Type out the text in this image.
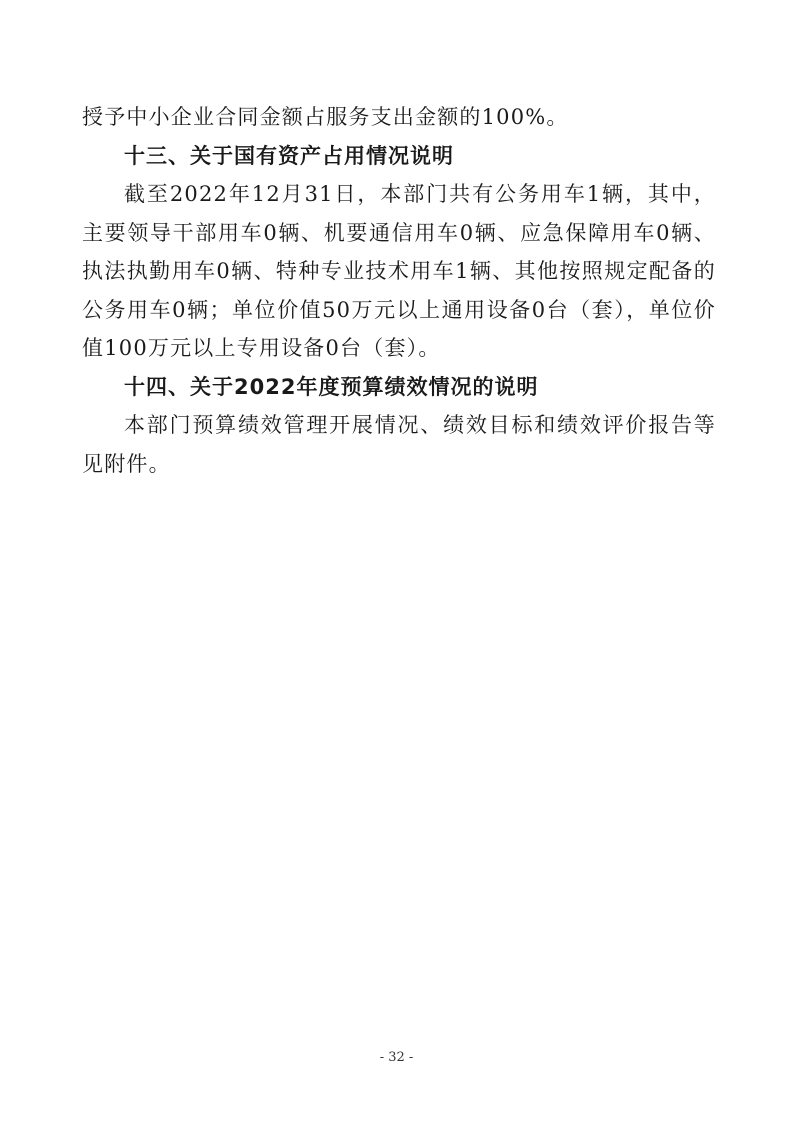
授予中小企业合同金额占服务支出金额的100%。

十三、关于国有资产占用情况说明

截至2022年12月31日，本部门共有公务用车1辆，其中，主要领导干部用车0辆、机要通信用车0辆、应急保障用车0辆、执法执勤用车0辆、特种专业技术用车1辆、其他按照规定配备的公务用车0辆；单位价值50万元以上通用设备0台（套），单位价值100万元以上专用设备0台（套）。

十四、关于2022年度预算绩效情况的说明

本部门预算绩效管理开展情况、绩效目标和绩效评价报告等见附件。

- 32 -
